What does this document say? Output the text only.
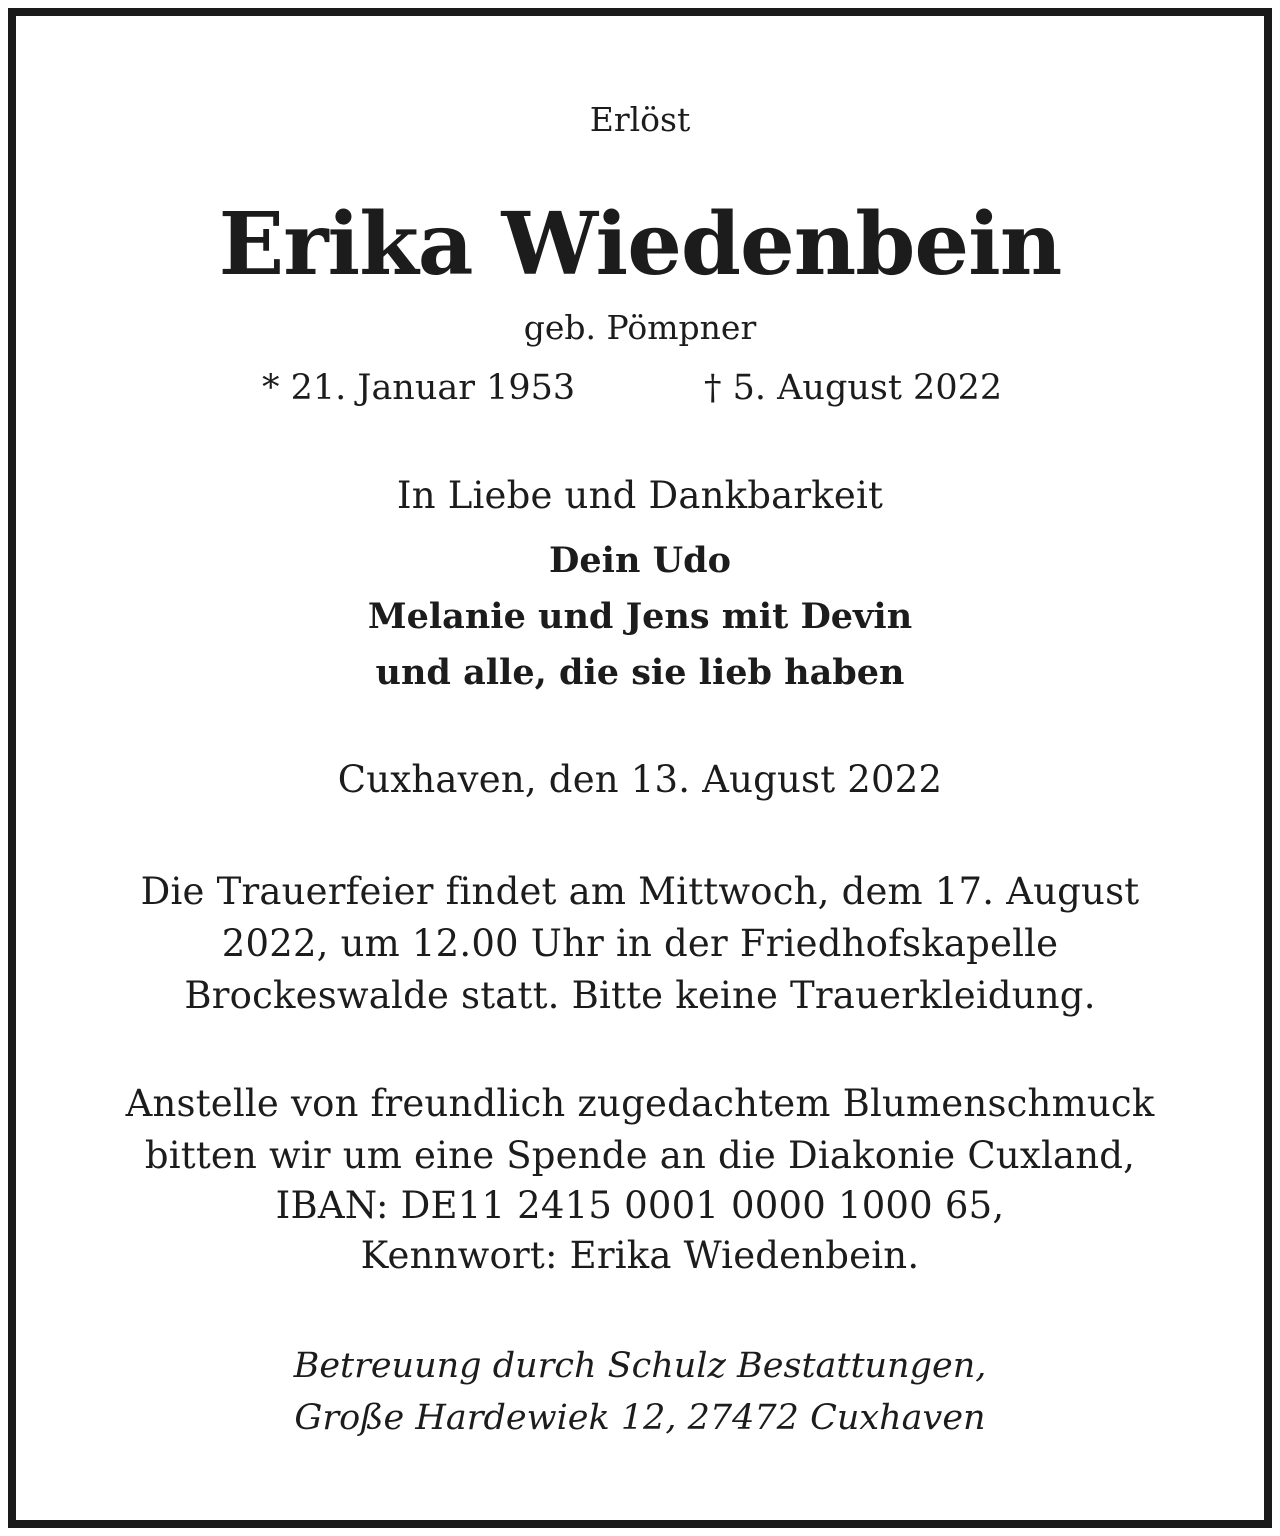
Erlöst
Erika Wiedenbein
geb. Pömpner
* 21. Januar 1953	† 5. August 2022
In Liebe und Dankbarkeit
Dein Udo
Melanie und Jens mit Devin
und alle, die sie lieb haben
Cuxhaven, den 13. August 2022
Die Trauerfeier findet am Mittwoch, dem 17. August
2022, um 12.00 Uhr in der Friedhofskapelle
Brockeswalde statt. Bitte keine Trauerkleidung.
Anstelle von freundlich zugedachtem Blumenschmuck
bitten wir um eine Spende an die Diakonie Cuxland,
IBAN: DE11 2415 0001 0000 1000 65,
Kennwort: Erika Wiedenbein.
Betreuung durch Schulz Bestattungen,
Große Hardewiek 12, 27472 Cuxhaven
